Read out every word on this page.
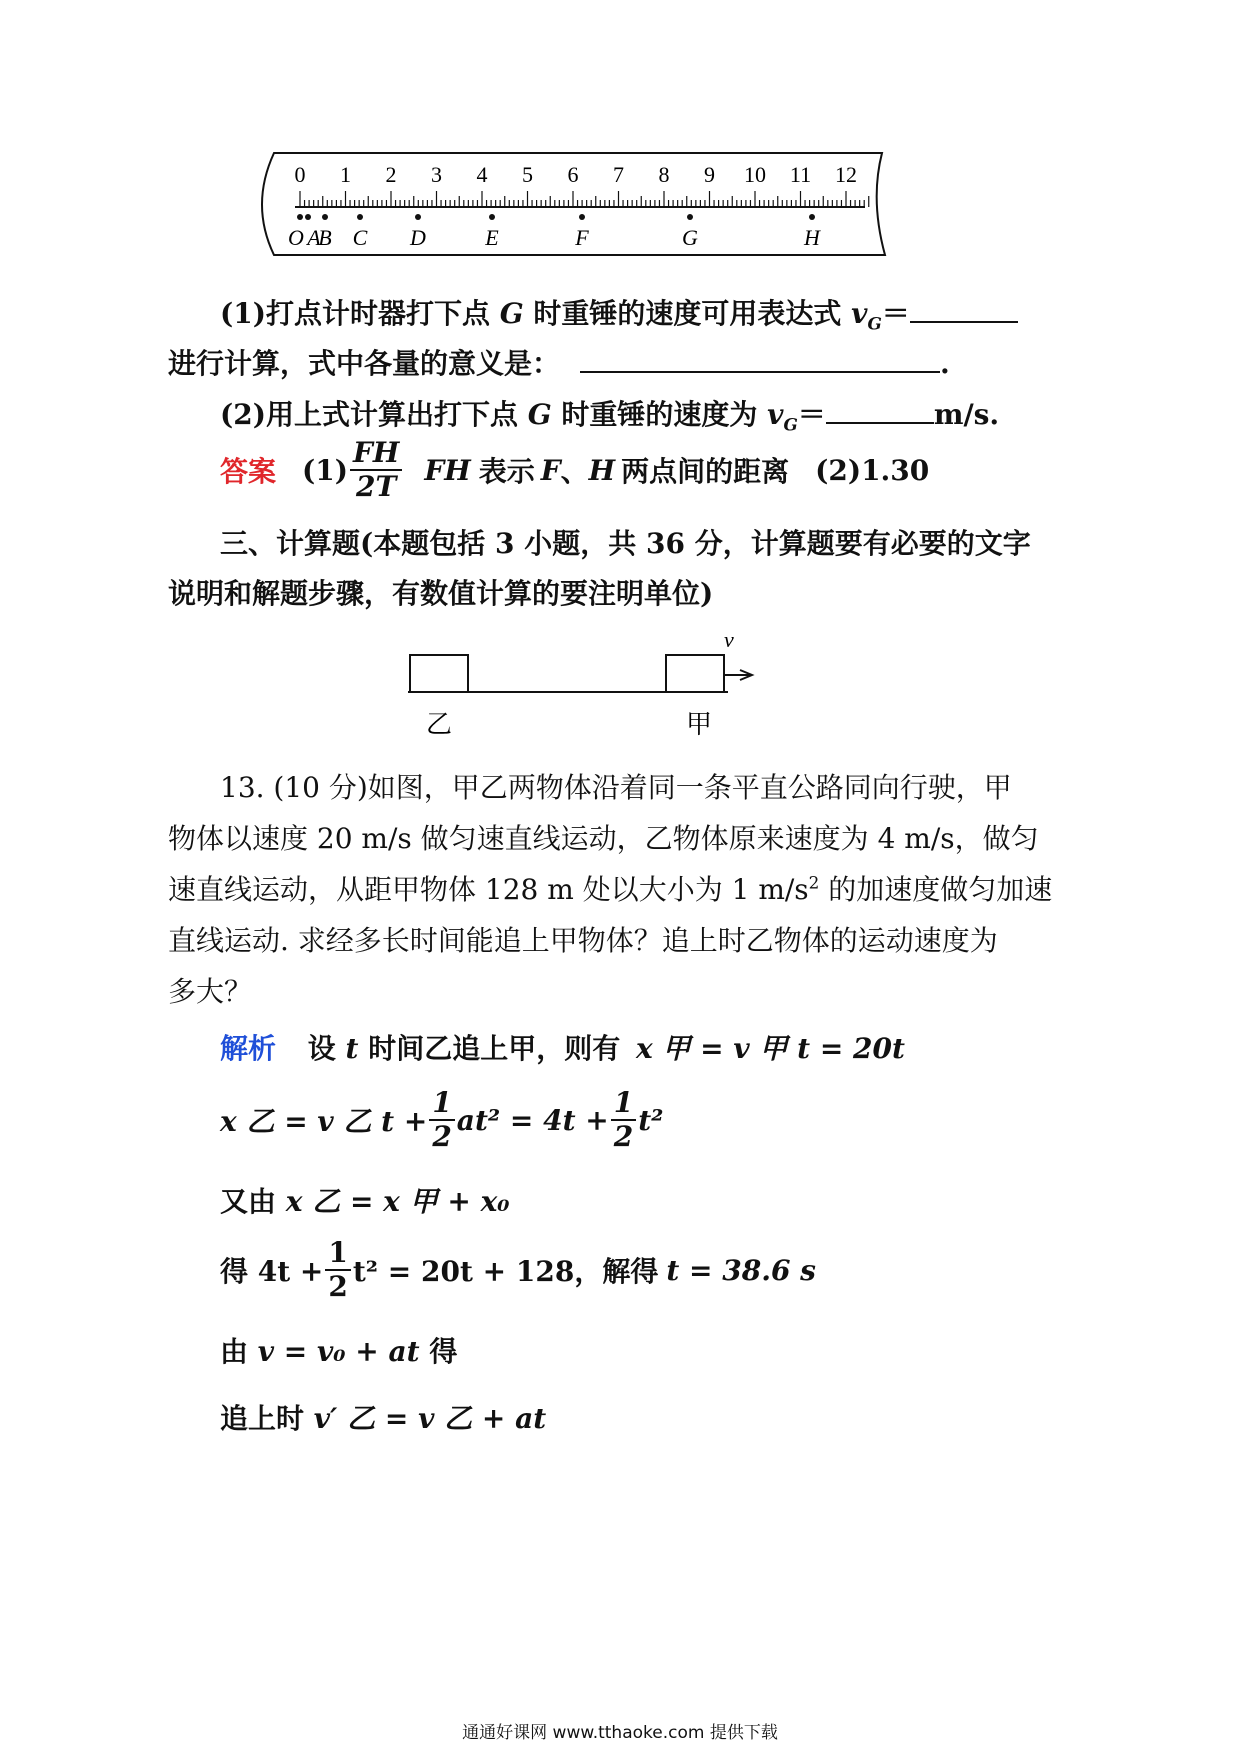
0 1 2 3 4 5 6 7 8 9 10 11 12
O A
B C D	E	F	G	H
(1)打点计时器打下点 G 时重锤的速度可用表达式 $v_G=$
进行计算，式中各量的意义是：	.
(2)用上式计算出打下点 G 时重锤的速度为 $v_G=$	m/s.
答案 $(1) \frac{FH}{2T}$ FH 表示 F 、 H 两点间的距离 (2)1.30
三、计算题(本题包括 3 小题，共 36 分，计算题要有必要的文字
说明和解题步骤，有数值计算的要注明单位)
v
乙	甲
13. (10 分)如图，甲乙两物体沿着同一条平直公路同向行驶，甲
物体以速度 20 m/s 做匀速直线运动，乙物体原来速度为 4 m/s，做匀
速直线运动，从距甲物体 128 m 处以大小为 1 $m/s^2$ 的加速度做匀加速
直线运动. 求经多长时间能追上甲物体？追上时乙物体的运动速度为
多大？
解析 设 t 时间乙追上甲，则有 x 甲 = v 甲 t = 20t
x 乙 = v 乙 $t + \frac{1}{2} at^2 = 4t + \frac{1}{2} t^2$
又由 x 乙 = x 甲 + x₀
得 $4t + \frac{1}{2} t^2 = 20t + 128$， 解得 t = 38.6 s
由 v = v₀ + at 得
追上时 v′ 乙 = v 乙 + at
通通好课网 www.tthaoke.com 提供下载
